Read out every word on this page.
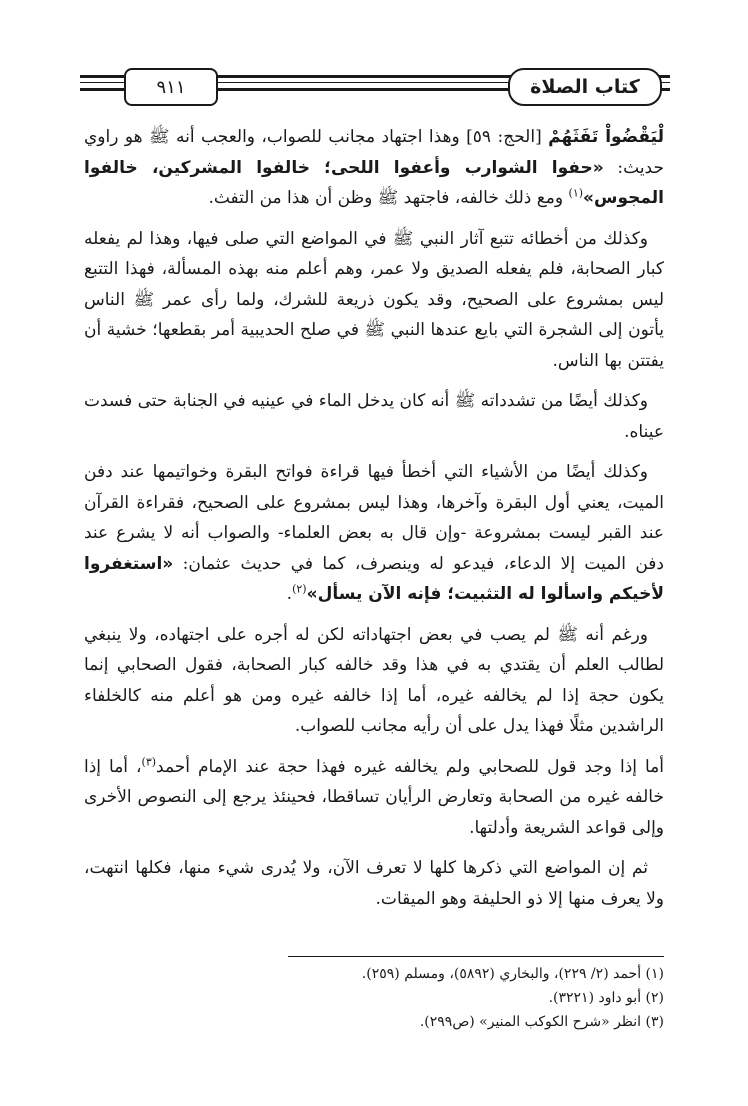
٩١١	كتاب الصلاة

لْيَقْضُواْ تَفَثَهُمْ [الحج: ٥٩] وهذا اجتهاد مجانب للصواب، والعجب أنه ﷺ هو راوي حديث: «حفوا الشوارب وأعفوا اللحى؛ خالفوا المشركين، خالفوا المجوس»$^{(١)}$ ومع ذلك خالفه، فاجتهد ﷺ وظن أن هذا من التفث.

وكذلك من أخطائه تتبع آثار النبي ﷺ في المواضع التي صلى فيها، وهذا لم يفعله كبار الصحابة، فلم يفعله الصديق ولا عمر، وهم أعلم منه بهذه المسألة، فهذا التتبع ليس بمشروع على الصحيح، وقد يكون ذريعة للشرك، ولما رأى عمر ﷺ الناس يأتون إلى الشجرة التي بايع عندها النبي ﷺ في صلح الحديبية أمر بقطعها؛ خشية أن يفتتن بها الناس.

وكذلك أيضًا من تشدداته ﷺ أنه كان يدخل الماء في عينيه في الجنابة حتى فسدت عيناه.

وكذلك أيضًا من الأشياء التي أخطأ فيها قراءة فواتح البقرة وخواتيمها عند دفن الميت، يعني أول البقرة وآخرها، وهذا ليس بمشروع على الصحيح، فقراءة القرآن عند القبر ليست بمشروعة -وإن قال به بعض العلماء- والصواب أنه لا يشرع عند دفن الميت إلا الدعاء، فيدعو له وينصرف، كما في حديث عثمان: «استغفروا لأخيكم واسألوا له التثبيت؛ فإنه الآن يسأل»$^{(٢)}$.

ورغم أنه ﷺ لم يصب في بعض اجتهاداته لكن له أجره على اجتهاده، ولا ينبغي لطالب العلم أن يقتدي به في هذا وقد خالفه كبار الصحابة، فقول الصحابي إنما يكون حجة إذا لم يخالفه غيره، أما إذا خالفه غيره ومن هو أعلم منه كالخلفاء الراشدين مثلًا فهذا يدل على أن رأيه مجانب للصواب.

أما إذا وجد قول للصحابي ولم يخالفه غيره فهذا حجة عند الإمام أحمد$^{(٣)}$، أما إذا خالفه غيره من الصحابة وتعارض الرأيان تساقطا، فحينئذ يرجع إلى النصوص الأخرى وإلى قواعد الشريعة وأدلتها.

ثم إن المواضع التي ذكرها كلها لا تعرف الآن، ولا يُدرى شيء منها، فكلها انتهت، ولا يعرف منها إلا ذو الحليفة وهو الميقات.

(١) أحمد (٢/ ٢٢٩)، والبخاري (٥٨٩٢)، ومسلم (٢٥٩).
(٢) أبو داود (٣٢٢١).
(٣) انظر «شرح الكوكب المنير» (ص٢٩٩).
